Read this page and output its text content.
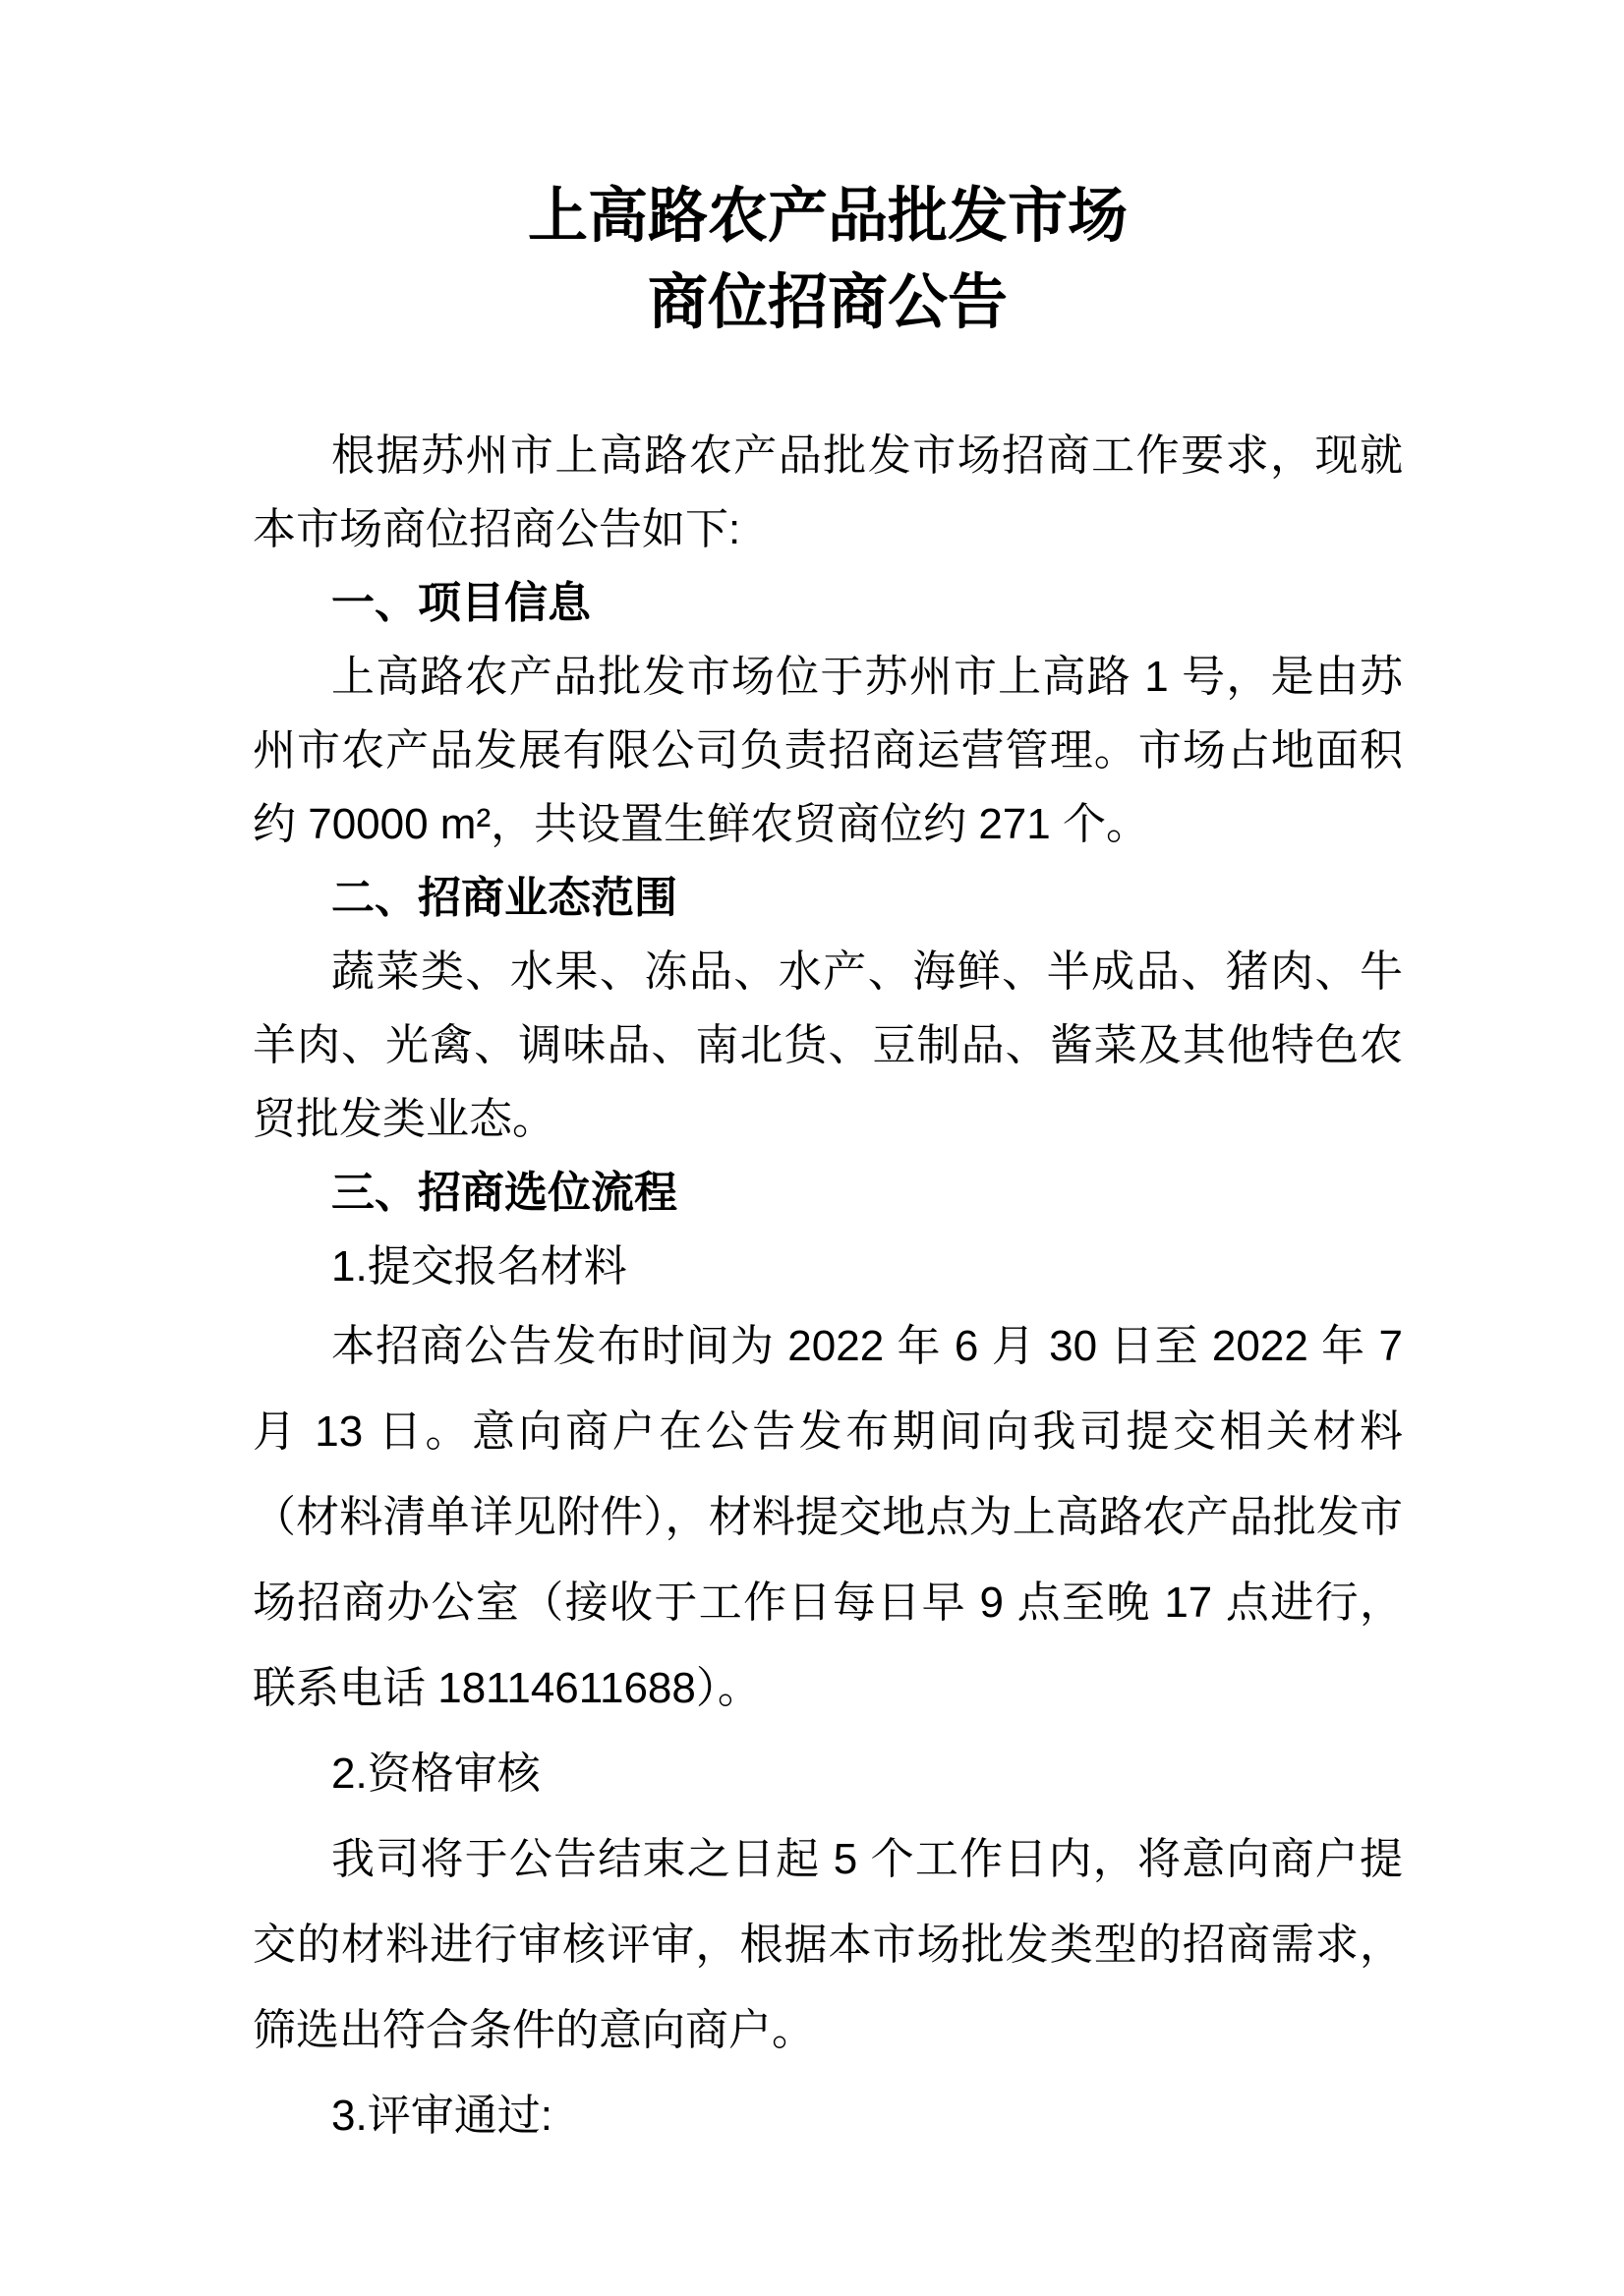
上高路农产品批发市场
商位招商公告

根据苏州市上高路农产品批发市场招商工作要求，现就本市场商位招商公告如下:

一、项目信息

上高路农产品批发市场位于苏州市上高路 1 号，是由苏州市农产品发展有限公司负责招商运营管理。市场占地面积约 70000 m²，共设置生鲜农贸商位约 271 个。

二、招商业态范围

蔬菜类、水果、冻品、水产、海鲜、半成品、猪肉、牛羊肉、光禽、调味品、南北货、豆制品、酱菜及其他特色农贸批发类业态。

三、招商选位流程

1.提交报名材料

本招商公告发布时间为 2022 年 6 月 30 日至 2022 年 7 月 13 日。意向商户在公告发布期间向我司提交相关材料（材料清单详见附件），材料提交地点为上高路农产品批发市场招商办公室（接收于工作日每日早 9 点至晚 17 点进行，联系电话 18114611688）。

2.资格审核

我司将于公告结束之日起 5 个工作日内，将意向商户提交的材料进行审核评审，根据本市场批发类型的招商需求，筛选出符合条件的意向商户。

3.评审通过:
